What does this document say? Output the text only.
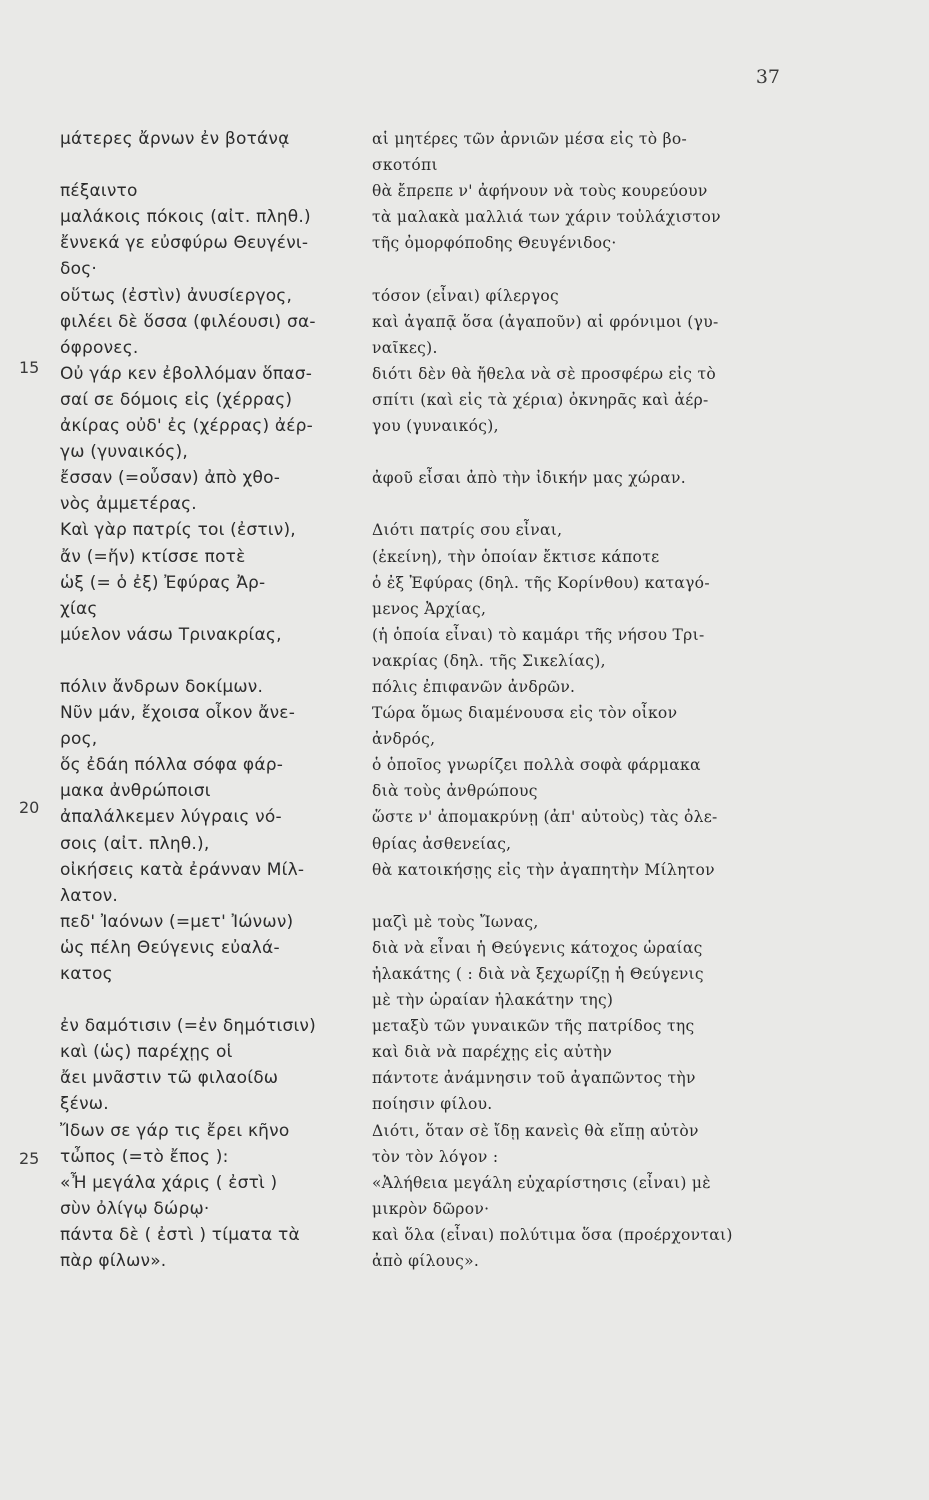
37
15
20
25
μάτερες ἄρνων ἐν βοτάνᾳ
πέξαιντο
μαλάκοις πόκοις (αἰτ. πληθ.)
ἔννεκά γε εὐσφύρω Θευγένι-
δος·
οὕτως (ἐστὶν) ἀνυσίεργος,
φιλέει δὲ ὅσσα (φιλέουσι) σα-
όφρονες.
Οὐ γάρ κεν ἐβολλόμαν ὅπασ-
σαί σε δόμοις εἰς (χέρρας)
ἀκίρας οὐδ' ἐς (χέρρας) ἀέρ-
γω (γυναικός),
ἔσσαν (=οὖσαν) ἀπὸ χθο-
νὸς ἀμμετέρας.
Καὶ γὰρ πατρίς τοι (ἐστιν),
ἄν (=ἥν) κτίσσε ποτὲ
ὡξ (= ὁ ἐξ) Ἐφύρας Ἀρ-
χίας
μύελον νάσω Τρινακρίας,
πόλιν ἄνδρων δοκίμων.
Νῦν μάν, ἔχοισα οἶκον ἄνε-
ρος,
ὅς ἐδάη πόλλα σόφα φάρ-
μακα ἀνθρώποισι
ἀπαλάλκεμεν λύγραις νό-
σοις (αἰτ. πληθ.),
οἰκήσεις κατὰ ἐράνναν Μίλ-
λατον.
πεδ' Ἰαόνων (=μετ' Ἰώνων)
ὡς πέλη Θεύγενις εὐαλά-
κατος
ἐν δαμότισιν (=ἐν δημότισιν)
καὶ (ὡς) παρέχῃς οἱ
ἄει μνᾶστιν τῶ φιλαοίδω
ξένω.
Ἴδων σε γάρ τις ἔρει κῆνο
τὦπος (=τὸ ἔπος ):
«Ἦ μεγάλα χάρις ( ἐστὶ )
σὺν ὀλίγῳ δώρῳ·
πάντα δὲ ( ἐστὶ ) τίματα τὰ
πὰρ φίλων».
αἱ μητέρες τῶν ἀρνιῶν μέσα εἰς τὸ βο-
σκοτόπι
θὰ ἔπρεπε ν' ἀφήνουν νὰ τοὺς κουρεύουν
τὰ μαλακὰ μαλλιά των χάριν τοὐλάχιστον
τῆς ὀμορφόποδης Θευγένιδος·
τόσον (εἶναι) φίλεργος
καὶ ἀγαπᾷ ὅσα (ἀγαποῦν) αἱ φρόνιμοι (γυ-
ναῖκες).
διότι δὲν θὰ ἤθελα νὰ σὲ προσφέρω εἰς τὸ
σπίτι (καὶ εἰς τὰ χέρια) ὀκνηρᾶς καὶ ἀέρ-
γου (γυναικός),
ἀφοῦ εἶσαι ἀπὸ τὴν ἰδικήν μας χώραν.
Διότι πατρίς σου εἶναι,
(ἐκείνη), τὴν ὁποίαν ἔκτισε κάποτε
ὁ ἐξ Ἐφύρας (δηλ. τῆς Κορίνθου) καταγό-
μενος Ἀρχίας,
(ἡ ὁποία εἶναι) τὸ καμάρι τῆς νήσου Τρι-
νακρίας (δηλ. τῆς Σικελίας),
πόλις ἐπιφανῶν ἀνδρῶν.
Τώρα ὅμως διαμένουσα εἰς τὸν οἶκον
ἀνδρός,
ὁ ὁποῖος γνωρίζει πολλὰ σοφὰ φάρμακα
διὰ τοὺς ἀνθρώπους
ὥστε ν' ἀπομακρύνῃ (ἀπ' αὐτοὺς) τὰς ὀλε-
θρίας ἀσθενείας,
θὰ κατοικήσῃς εἰς τὴν ἀγαπητὴν Μίλητον
μαζὶ μὲ τοὺς Ἴωνας,
διὰ νὰ εἶναι ἡ Θεύγενις κάτοχος ὡραίας
ἠλακάτης ( : διὰ νὰ ξεχωρίζῃ ἡ Θεύγενις
μὲ τὴν ὡραίαν ἠλακάτην της)
μεταξὺ τῶν γυναικῶν τῆς πατρίδος της
καὶ διὰ νὰ παρέχῃς εἰς αὐτὴν
πάντοτε ἀνάμνησιν τοῦ ἀγαπῶντος τὴν
ποίησιν φίλου.
Διότι, ὅταν σὲ ἴδῃ κανεὶς θὰ εἴπῃ αὐτὸν
τὸν τὸν λόγον :
«Ἀλήθεια μεγάλη εὐχαρίστησις (εἶναι) μὲ
μικρὸν δῶρον·
καὶ ὅλα (εἶναι) πολύτιμα ὅσα (προέρχονται)
ἀπὸ φίλους».
